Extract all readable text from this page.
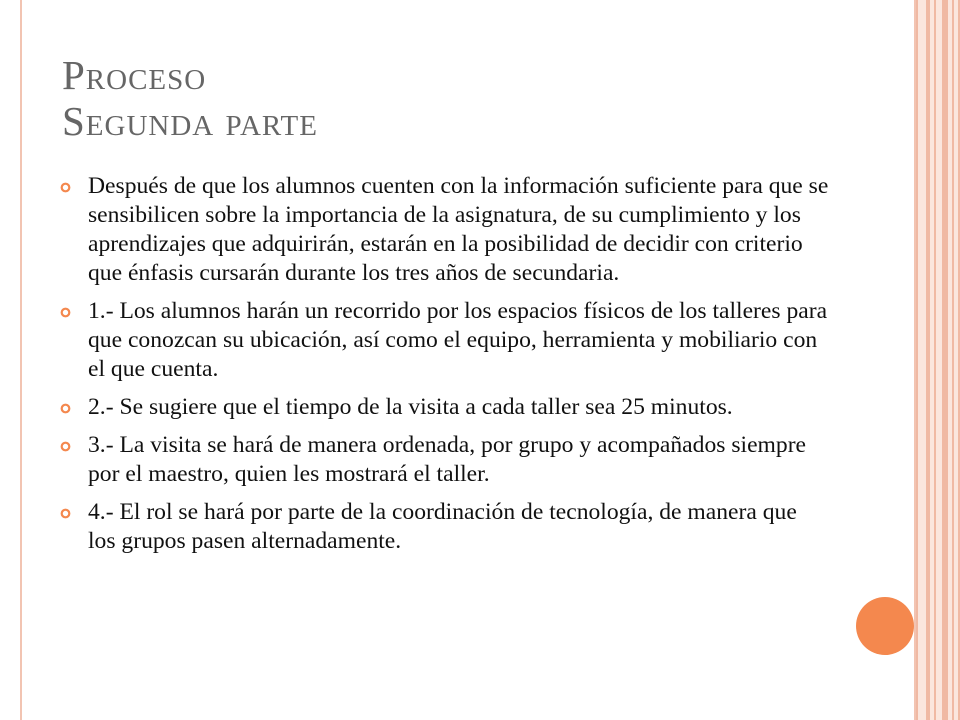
Proceso
Segunda parte
Después de que los alumnos cuenten con la información suficiente para que se sensibilicen sobre la importancia de la asignatura, de su cumplimiento y los aprendizajes que adquirirán, estarán en la posibilidad de decidir con criterio que énfasis cursarán durante los tres años de secundaria.
1.- Los alumnos harán un recorrido por los espacios físicos de los talleres para que conozcan su ubicación, así como el equipo, herramienta y mobiliario con el que cuenta.
2.- Se sugiere que el tiempo de la visita a cada taller sea 25 minutos.
3.- La visita se hará de manera ordenada, por grupo y acompañados siempre por el maestro, quien les mostrará el taller.
4.- El rol se hará por parte de la coordinación de tecnología, de manera que los grupos pasen alternadamente.
